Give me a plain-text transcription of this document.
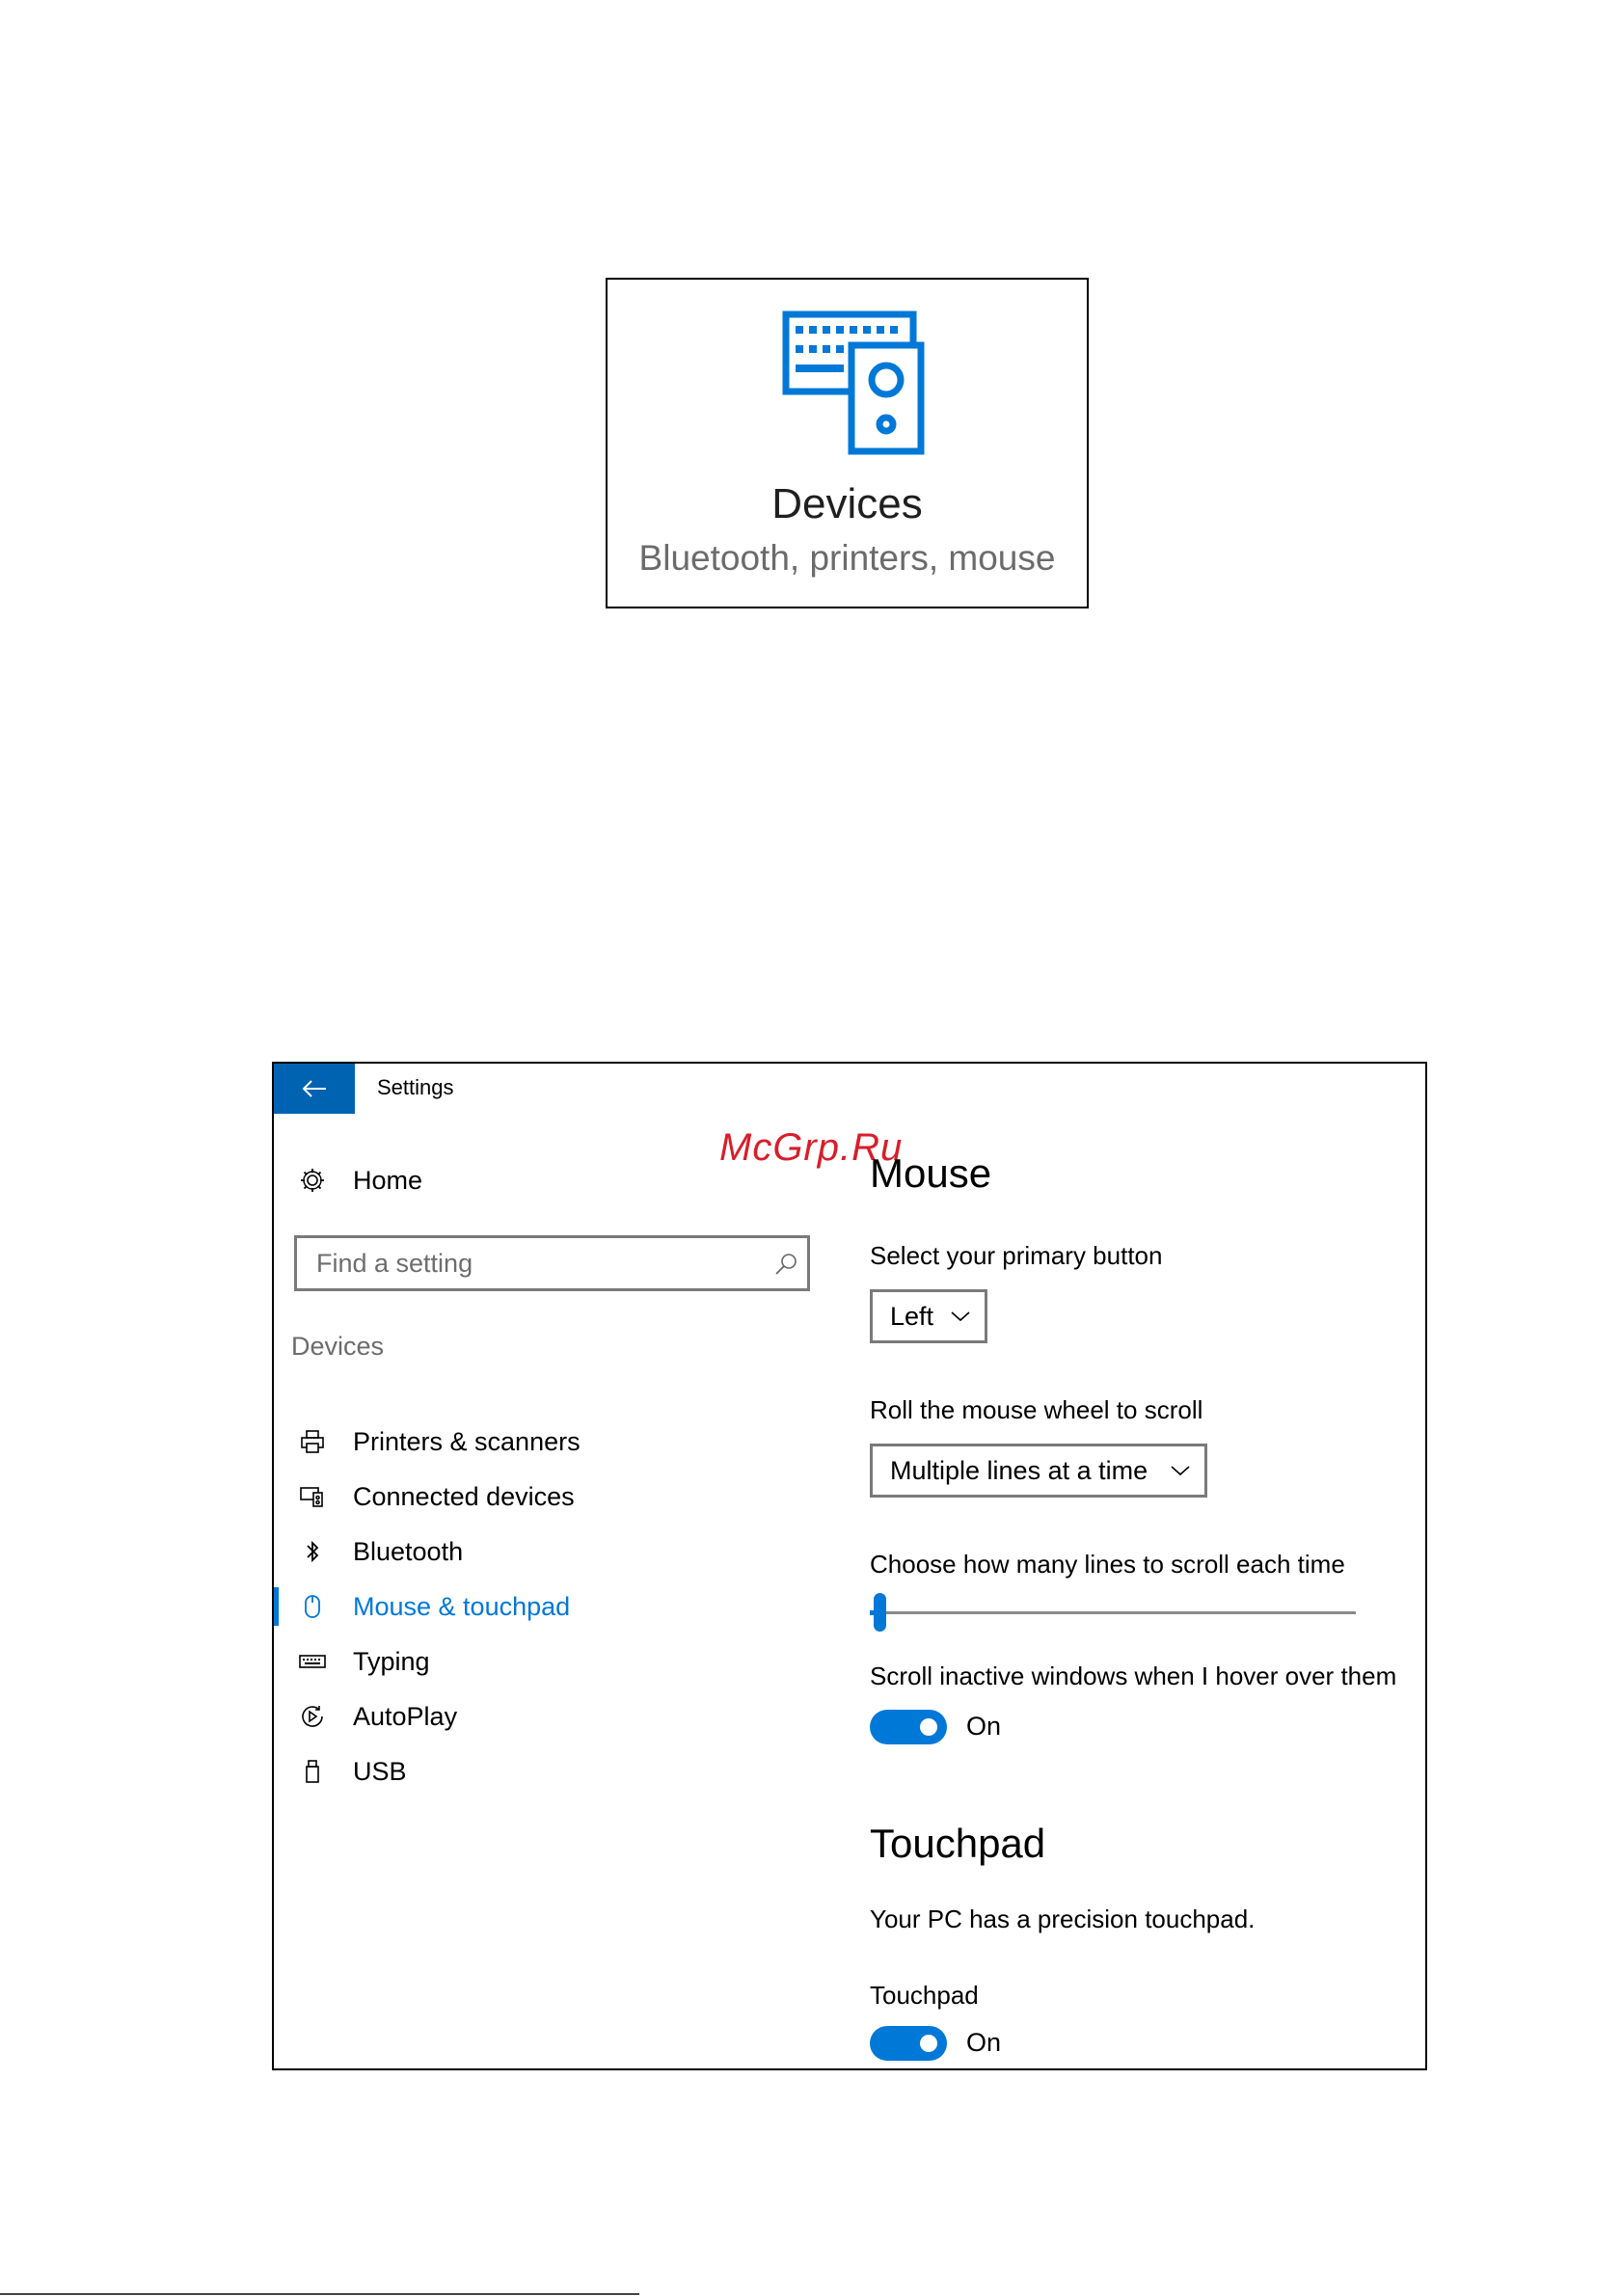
Devices
Bluetooth, printers, mouse
Settings
McGrp.Ru
Home
Find a setting
Devices
Printers & scanners
Connected devices
Bluetooth
Mouse & touchpad
Typing
AutoPlay
USB
Mouse
Select your primary button
Left
Roll the mouse wheel to scroll
Multiple lines at a time
Choose how many lines to scroll each time
Scroll inactive windows when I hover over them
On
Touchpad
Your PC has a precision touchpad.
Touchpad
On
